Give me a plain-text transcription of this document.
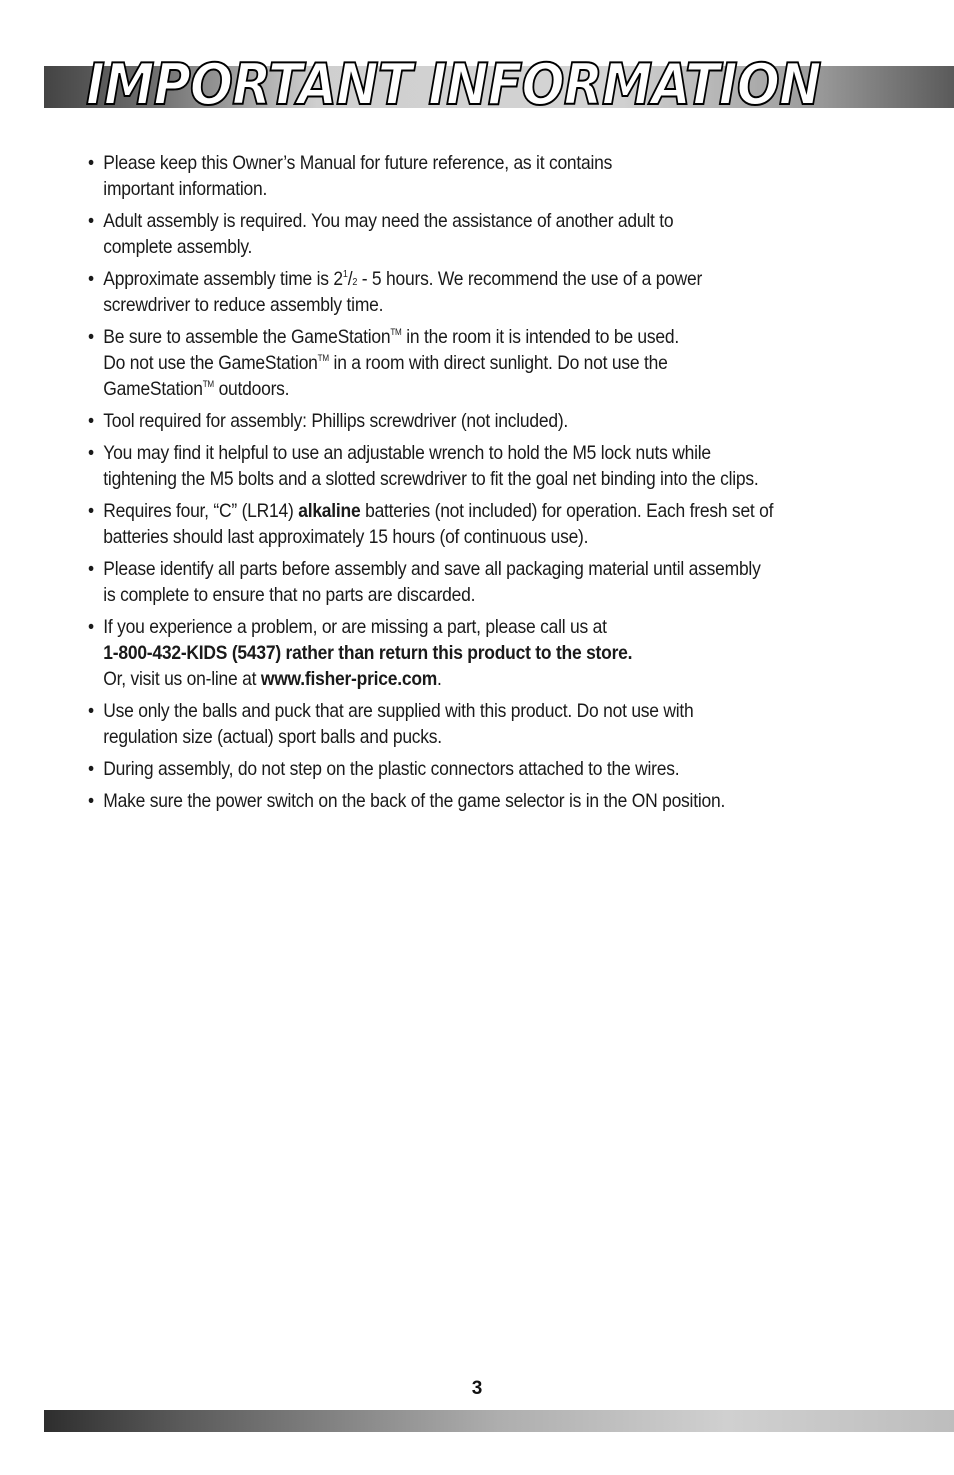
IMPORTANT INFORMATION
• Please keep this Owner’s Manual for future reference, as it contains
important information.
• Adult assembly is required. You may need the assistance of another adult to
complete assembly.
• Approximate assembly time is $2^1/2 - 5$ hours. We recommend the use of a power
screwdriver to reduce assembly time.
• Be sure to assemble the GameStation™ in the room it is intended to be used.
Do not use the GameStation™ in a room with direct sunlight. Do not use the
GameStation™ outdoors.
• Tool required for assembly: Phillips screwdriver (not included).
• You may find it helpful to use an adjustable wrench to hold the M5 lock nuts while
tightening the M5 bolts and a slotted screwdriver to fit the goal net binding into the clips.
• Requires four, “C” (LR14) alkaline batteries (not included) for operation. Each fresh set of
batteries should last approximately 15 hours (of continuous use).
• Please identify all parts before assembly and save all packaging material until assembly
is complete to ensure that no parts are discarded.
• If you experience a problem, or are missing a part, please call us at
1-800-432-KIDS (5437) rather than return this product to the store.
Or, visit us on-line at www.fisher-price.com.
• Use only the balls and puck that are supplied with this product. Do not use with
regulation size (actual) sport balls and pucks.
• During assembly, do not step on the plastic connectors attached to the wires.
• Make sure the power switch on the back of the game selector is in the ON position.
3
